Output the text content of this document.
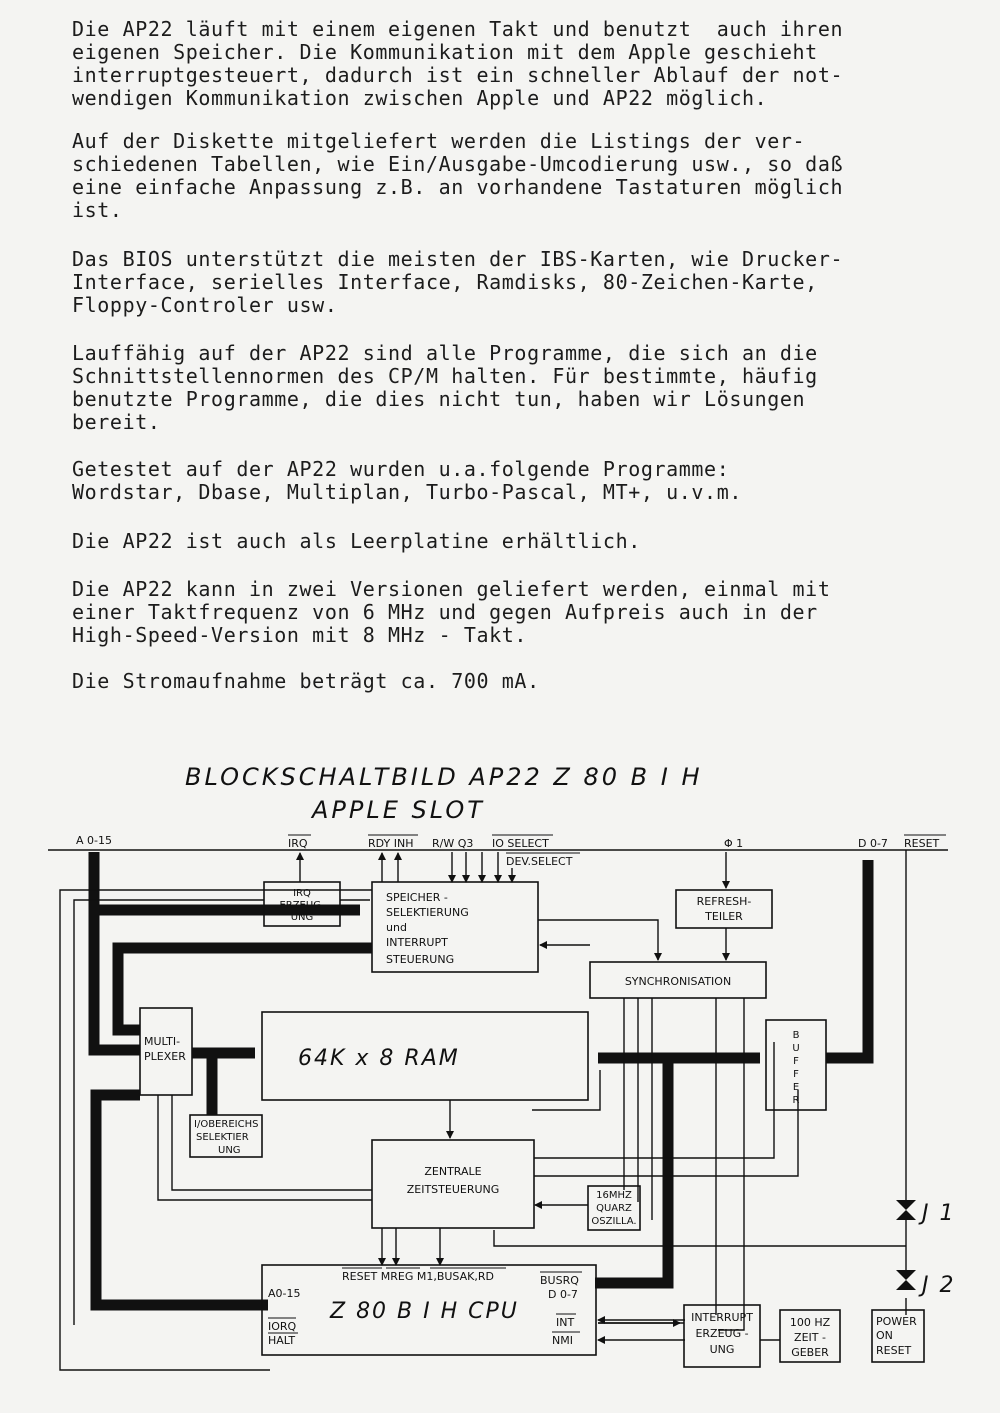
Die AP22 läuft mit einem eigenen Takt und benutzt  auch ihren
eigenen Speicher. Die Kommunikation mit dem Apple geschieht
interruptgesteuert, dadurch ist ein schneller Ablauf der not-
wendigen Kommunikation zwischen Apple und AP22 möglich.

Auf der Diskette mitgeliefert werden die Listings der ver-
schiedenen Tabellen, wie Ein/Ausgabe-Umcodierung usw., so daß
eine einfache Anpassung z.B. an vorhandene Tastaturen möglich
ist.

Das BIOS unterstützt die meisten der IBS-Karten, wie Drucker-
Interface, serielles Interface, Ramdisks, 80-Zeichen-Karte,
Floppy-Controler usw.

Lauffähig auf der AP22 sind alle Programme, die sich an die
Schnittstellennormen des CP/M halten. Für bestimmte, häufig
benutzte Programme, die dies nicht tun, haben wir Lösungen
bereit.

Getestet auf der AP22 wurden u.a.folgende Programme:
Wordstar, Dbase, Multiplan, Turbo-Pascal, MT+, u.v.m.

Die AP22 ist auch als Leerplatine erhältlich.

Die AP22 kann in zwei Versionen geliefert werden, einmal mit
einer Taktfrequenz von 6 MHz und gegen Aufpreis auch in der
High-Speed-Version mit 8 MHz - Takt.

Die Stromaufnahme beträgt ca. 700 mA.

BLOCKSCHALTBILD AP22 Z 80 B I H
APPLE SLOT
A 0-15	IRQ	RDY INH R/W Q3 IO SELECT
DEV.SELECT
Φ 1	D 0-7 RESET
J 1
J 2
IRQ
ERZEUG-
UNG
SPEICHER -
SELEKTIERUNG
und
INTERRUPT
STEUERUNG
REFRESH-
TEILER
SYNCHRONISATION
MULTI-
PLEXER	64K x 8 RAM
B
U
F
F
E
R
I/OBEREICHS
SELEKTIER
UNG
ZENTRALE
ZEITSTEUERUNG	16MHZ
QUARZ
OSZILLA.
RESET MREG M1,BUSAK,RD
Z 80 B I H CPU
A0-15
IORQ
HALT
BUSRQ
D 0-7
INT
NMI
INTERRUPT
ERZEUG -
UNG
100 HZ
ZEIT -
GEBER
POWER
ON
RESET
